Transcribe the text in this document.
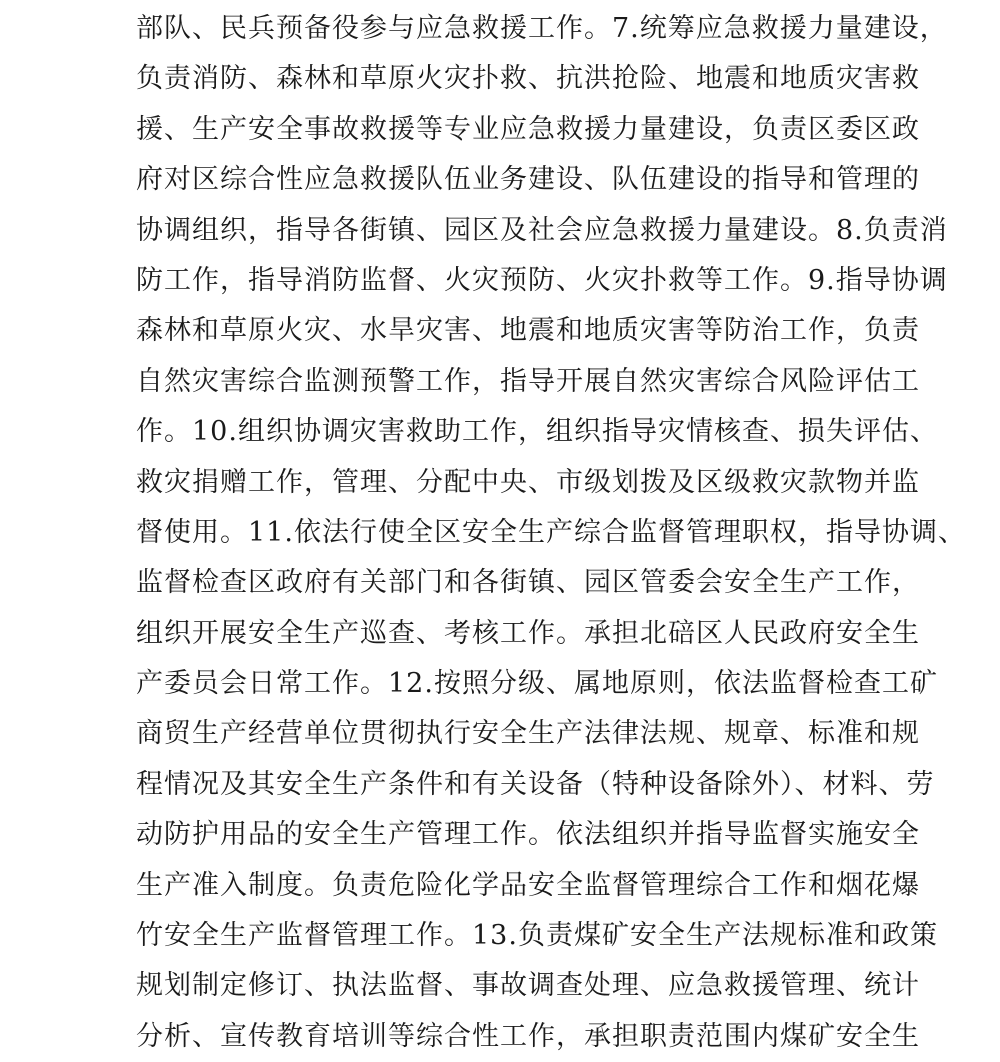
部队、民兵预备役参与应急救援工作。7.统筹应急救援力量建设，
负责消防、森林和草原火灾扑救、抗洪抢险、地震和地质灾害救
援、生产安全事故救援等专业应急救援力量建设，负责区委区政
府对区综合性应急救援队伍业务建设、队伍建设的指导和管理的
协调组织，指导各街镇、园区及社会应急救援力量建设。8.负责消
防工作，指导消防监督、火灾预防、火灾扑救等工作。9.指导协调
森林和草原火灾、水旱灾害、地震和地质灾害等防治工作，负责
自然灾害综合监测预警工作，指导开展自然灾害综合风险评估工
作。10.组织协调灾害救助工作，组织指导灾情核查、损失评估、
救灾捐赠工作，管理、分配中央、市级划拨及区级救灾款物并监
督使用。11.依法行使全区安全生产综合监督管理职权，指导协调、
监督检查区政府有关部门和各街镇、园区管委会安全生产工作，
组织开展安全生产巡查、考核工作。承担北碚区人民政府安全生
产委员会日常工作。12.按照分级、属地原则，依法监督检查工矿
商贸生产经营单位贯彻执行安全生产法律法规、规章、标准和规
程情况及其安全生产条件和有关设备（特种设备除外）、材料、劳
动防护用品的安全生产管理工作。依法组织并指导监督实施安全
生产准入制度。负责危险化学品安全监督管理综合工作和烟花爆
竹安全生产监督管理工作。13.负责煤矿安全生产法规标准和政策
规划制定修订、执法监督、事故调查处理、应急救援管理、统计
分析、宣传教育培训等综合性工作，承担职责范围内煤矿安全生
